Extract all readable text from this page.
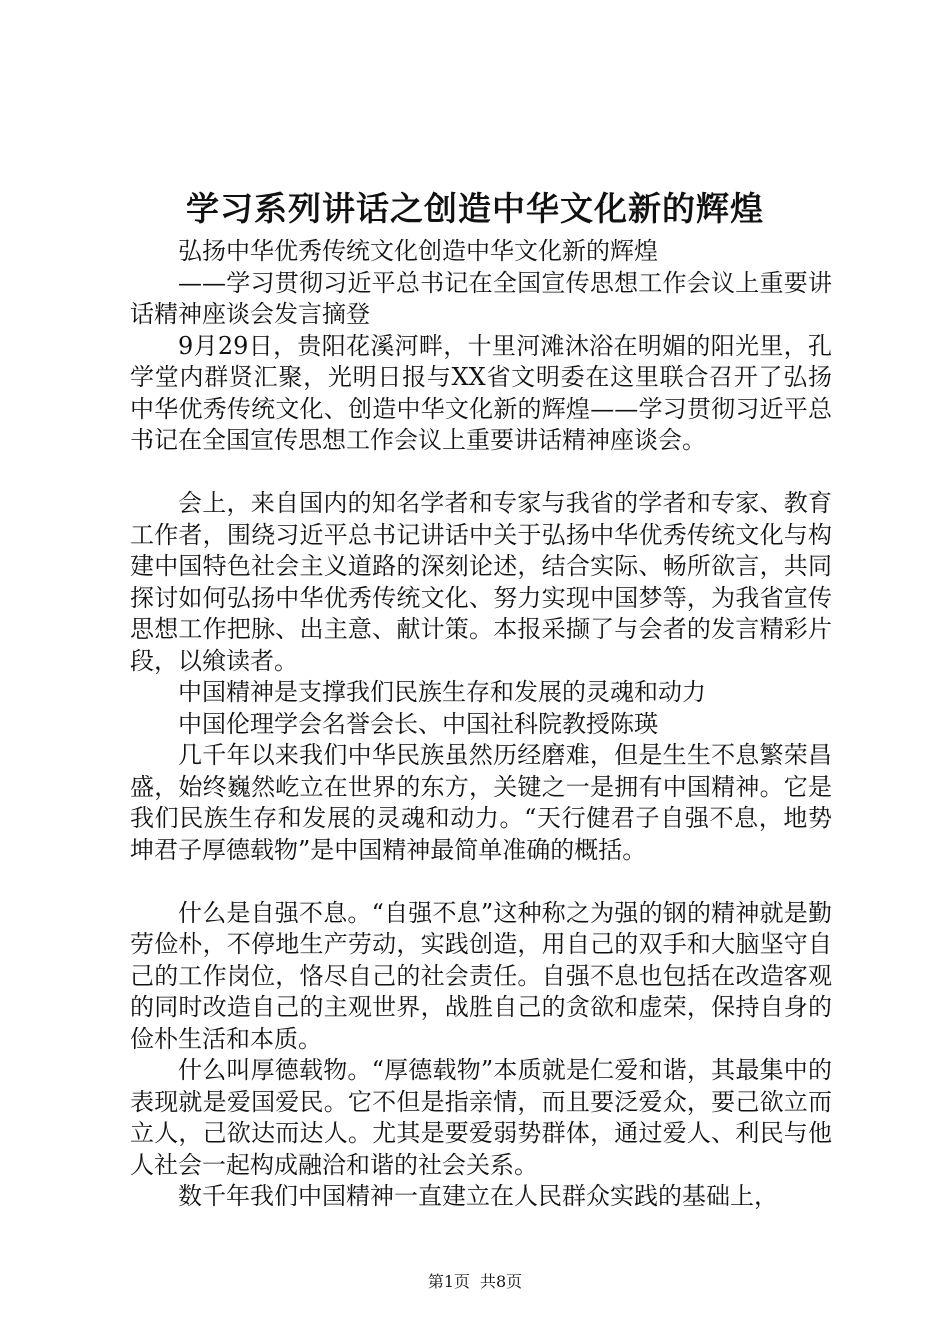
学习系列讲话之创造中华文化新的辉煌

弘扬中华优秀传统文化创造中华文化新的辉煌

——学习贯彻习近平总书记在全国宣传思想工作会议上重要讲话精神座谈会发言摘登

9月29日，贵阳花溪河畔，十里河滩沐浴在明媚的阳光里，孔学堂内群贤汇聚，光明日报与XX省文明委在这里联合召开了弘扬中华优秀传统文化、创造中华文化新的辉煌——学习贯彻习近平总书记在全国宣传思想工作会议上重要讲话精神座谈会。

会上，来自国内的知名学者和专家与我省的学者和专家、教育工作者，围绕习近平总书记讲话中关于弘扬中华优秀传统文化与构建中国特色社会主义道路的深刻论述，结合实际、畅所欲言，共同探讨如何弘扬中华优秀传统文化、努力实现中国梦等，为我省宣传思想工作把脉、出主意、献计策。本报采撷了与会者的发言精彩片段，以飨读者。

中国精神是支撑我们民族生存和发展的灵魂和动力

中国伦理学会名誉会长、中国社科院教授陈瑛

几千年以来我们中华民族虽然历经磨难，但是生生不息繁荣昌盛，始终巍然屹立在世界的东方，关键之一是拥有中国精神。它是我们民族生存和发展的灵魂和动力。“天行健君子自强不息，地势坤君子厚德载物”是中国精神最简单准确的概括。

什么是自强不息。“自强不息”这种称之为强的钢的精神就是勤劳俭朴，不停地生产劳动，实践创造，用自己的双手和大脑坚守自己的工作岗位，恪尽自己的社会责任。自强不息也包括在改造客观的同时改造自己的主观世界，战胜自己的贪欲和虚荣，保持自身的俭朴生活和本质。

什么叫厚德载物。“厚德载物”本质就是仁爱和谐，其最集中的表现就是爱国爱民。它不但是指亲情，而且要泛爱众，要己欲立而立人，己欲达而达人。尤其是要爱弱势群体，通过爱人、利民与他人社会一起构成融洽和谐的社会关系。

数千年我们中国精神一直建立在人民群众实践的基础上，

第1页 共8页
